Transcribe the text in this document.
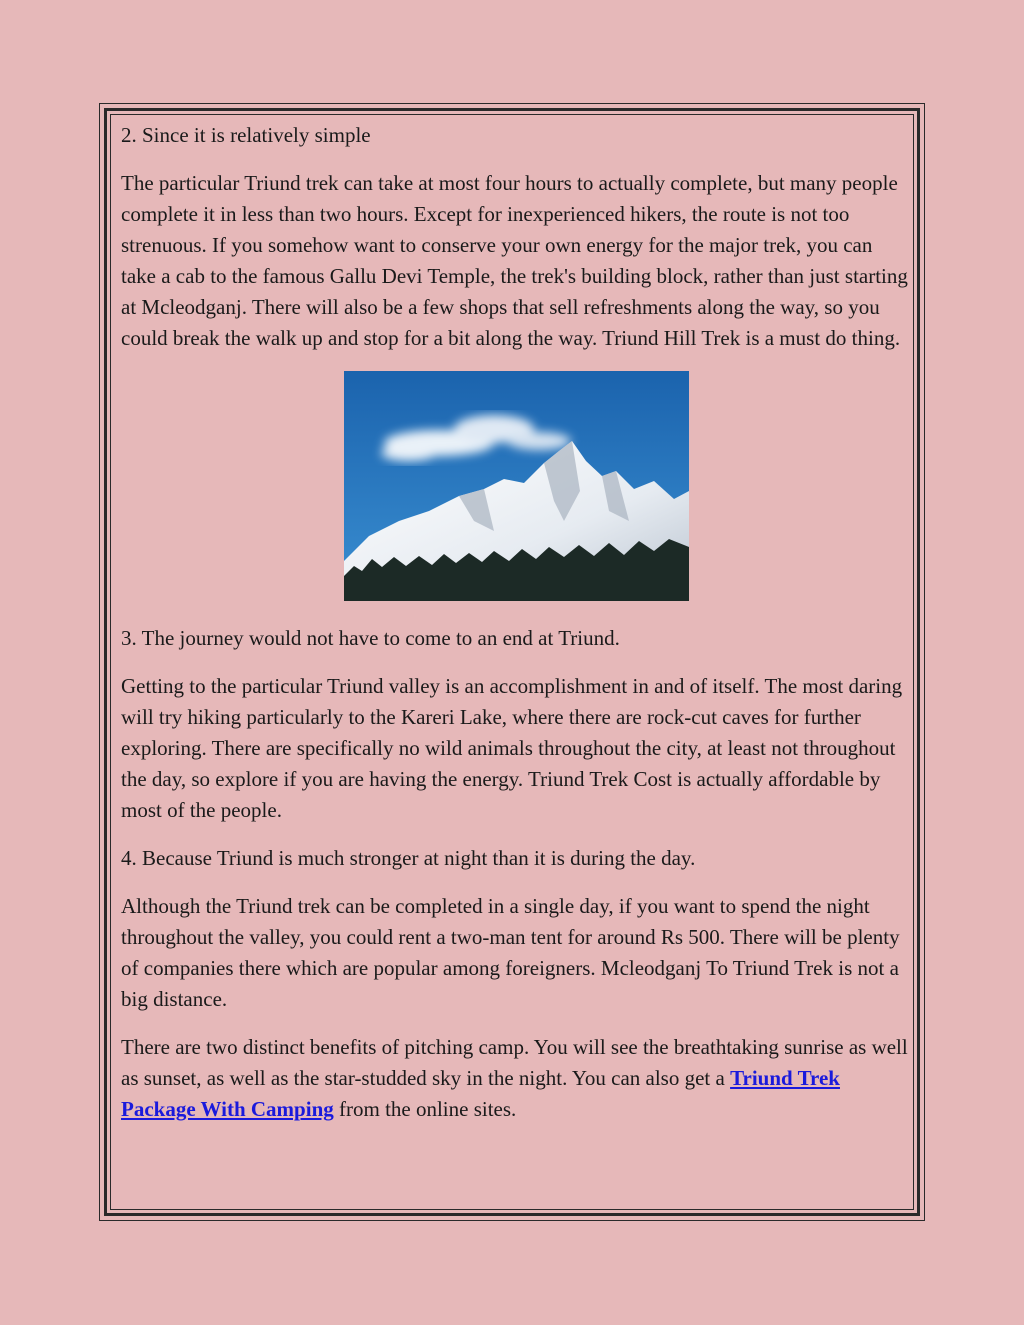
2. Since it is relatively simple

The particular Triund trek can take at most four hours to actually complete, but many people complete it in less than two hours. Except for inexperienced hikers, the route is not too strenuous. If you somehow want to conserve your own energy for the major trek, you can take a cab to the famous Gallu Devi Temple, the trek's building block, rather than just starting at Mcleodganj. There will also be a few shops that sell refreshments along the way, so you could break the walk up and stop for a bit along the way. Triund Hill Trek is a must do thing.

3. The journey would not have to come to an end at Triund.

Getting to the particular Triund valley is an accomplishment in and of itself. The most daring will try hiking particularly to the Kareri Lake, where there are rock-cut caves for further exploring. There are specifically no wild animals throughout the city, at least not throughout the day, so explore if you are having the energy. Triund Trek Cost is actually affordable by most of the people.

4. Because Triund is much stronger at night than it is during the day.

Although the Triund trek can be completed in a single day, if you want to spend the night throughout the valley, you could rent a two-man tent for around Rs 500. There will be plenty of companies there which are popular among foreigners. Mcleodganj To Triund Trek is not a big distance.

There are two distinct benefits of pitching camp. You will see the breathtaking sunrise as well as sunset, as well as the star-studded sky in the night. You can also get a Triund Trek Package With Camping from the online sites.
